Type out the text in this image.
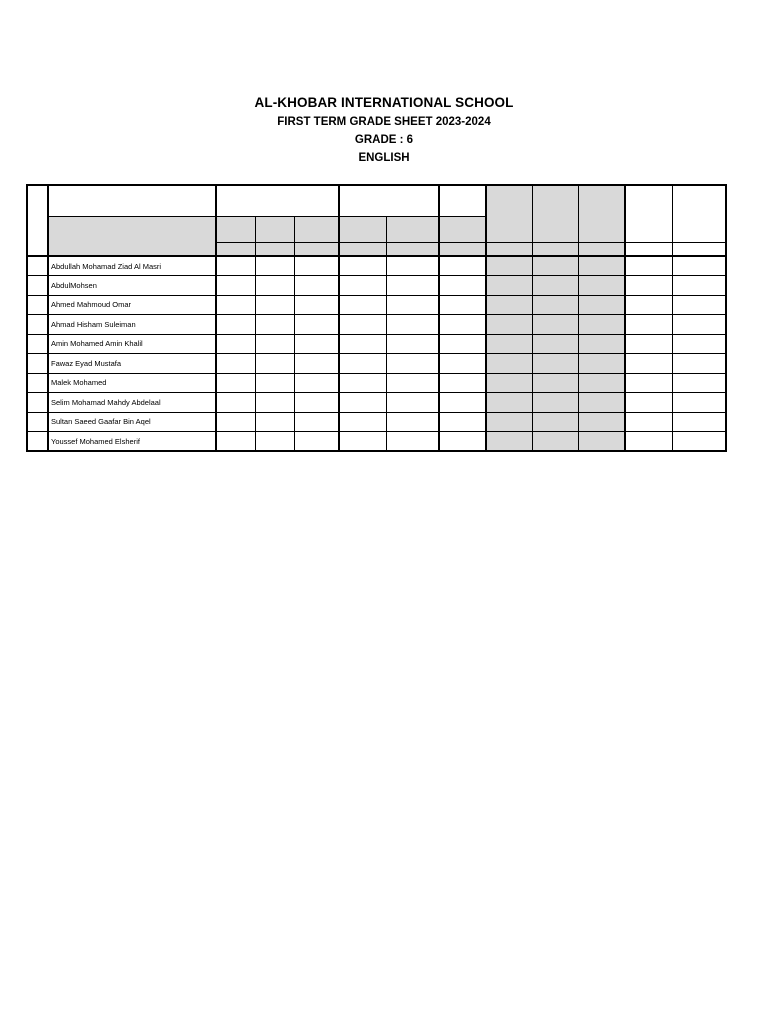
AL-KHOBAR INTERNATIONAL SCHOOL
FIRST TERM GRADE SHEET 2023-2024
GRADE : 6
ENGLISH

	Abdullah Mohamad Ziad Al Masri											
	AbdulMohsen											
	Ahmed Mahmoud Omar											
	Ahmad Hisham Suleiman											
	Amin Mohamed Amin Khalil											
	Fawaz Eyad Mustafa											
	Malek Mohamed											
	Selim Mohamad Mahdy Abdelaal											
	Sultan Saeed Gaafar Bin Aqel											
	Youssef Mohamed Elsherif											
